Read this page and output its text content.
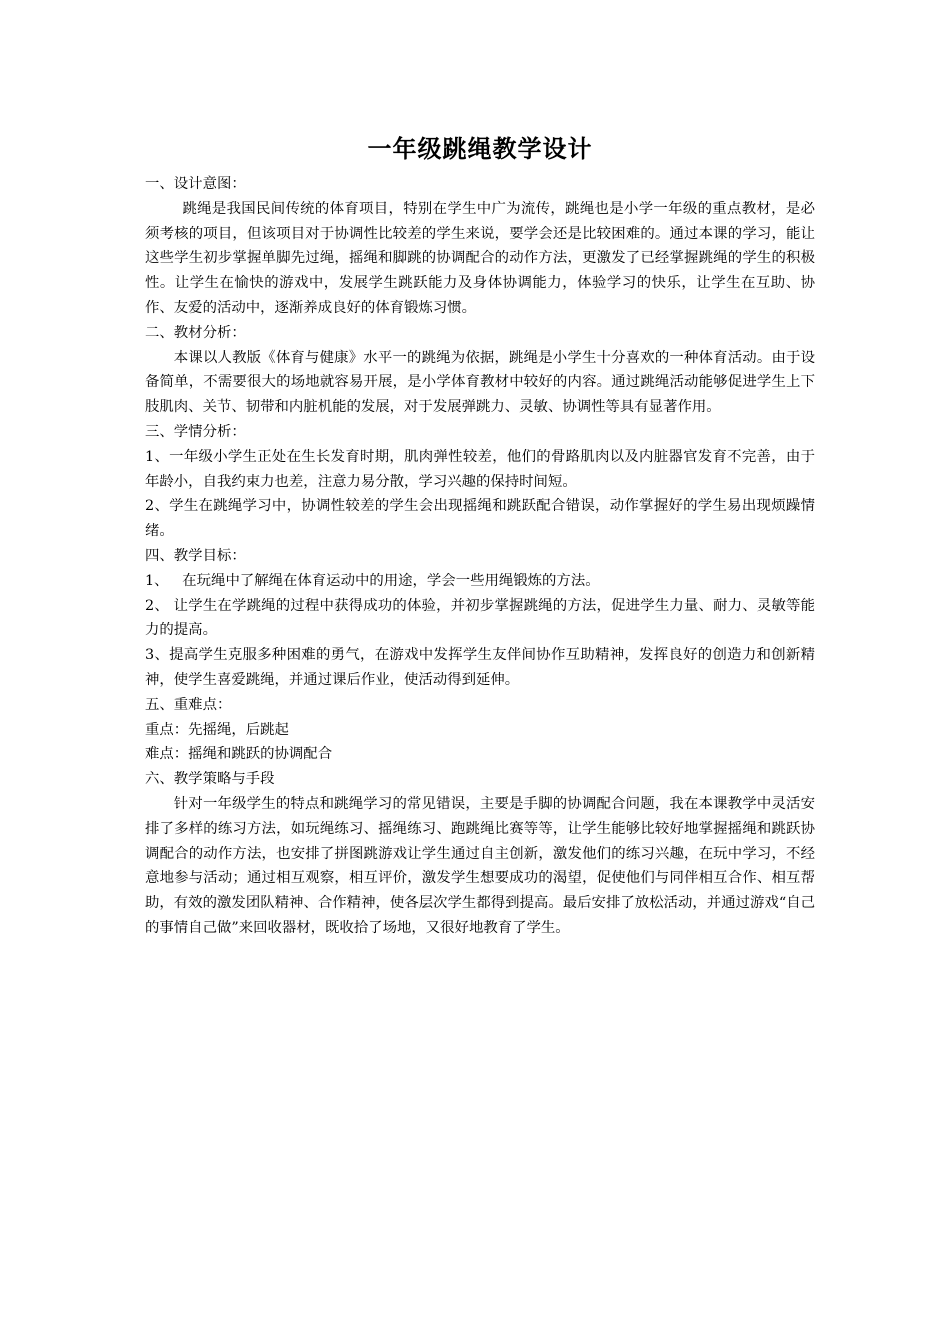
一年级跳绳教学设计

一、设计意图：

跳绳是我国民间传统的体育项目，特别在学生中广为流传，跳绳也是小学一年级的重点教材，是必须考核的项目，但该项目对于协调性比较差的学生来说，要学会还是比较困难的。通过本课的学习，能让这些学生初步掌握单脚先过绳，摇绳和脚跳的协调配合的动作方法，更激发了已经掌握跳绳的学生的积极性。让学生在愉快的游戏中，发展学生跳跃能力及身体协调能力，体验学习的快乐，让学生在互助、协作、友爱的活动中，逐渐养成良好的体育锻炼习惯。

二、教材分析：

本课以人教版《体育与健康》水平一的跳绳为依据，跳绳是小学生十分喜欢的一种体育活动。由于设备简单，不需要很大的场地就容易开展，是小学体育教材中较好的内容。通过跳绳活动能够促进学生上下肢肌肉、关节、韧带和内脏机能的发展，对于发展弹跳力、灵敏、协调性等具有显著作用。

三、学情分析：

1、一年级小学生正处在生长发育时期，肌肉弹性较差，他们的骨路肌肉以及内脏器官发育不完善，由于年龄小，自我约束力也差，注意力易分散，学习兴趣的保持时间短。

2、学生在跳绳学习中，协调性较差的学生会出现摇绳和跳跃配合错误，动作掌握好的学生易出现烦躁情绪。

四、教学目标：

1、   在玩绳中了解绳在体育运动中的用途，学会一些用绳锻炼的方法。

2、 让学生在学跳绳的过程中获得成功的体验，并初步掌握跳绳的方法，促进学生力量、耐力、灵敏等能力的提高。

3、提高学生克服多种困难的勇气，在游戏中发挥学生友伴间协作互助精神，发挥良好的创造力和创新精神，使学生喜爱跳绳，并通过课后作业，使活动得到延伸。

五、重难点：

重点：先摇绳，后跳起

难点：摇绳和跳跃的协调配合

六、教学策略与手段

针对一年级学生的特点和跳绳学习的常见错误，主要是手脚的协调配合问题，我在本课教学中灵活安排了多样的练习方法，如玩绳练习、摇绳练习、跑跳绳比赛等等，让学生能够比较好地掌握摇绳和跳跃协调配合的动作方法，也安排了拼图跳游戏让学生通过自主创新，激发他们的练习兴趣，在玩中学习，不经意地参与活动；通过相互观察，相互评价，激发学生想要成功的渴望，促使他们与同伴相互合作、相互帮助，有效的激发团队精神、合作精神，使各层次学生都得到提高。最后安排了放松活动，并通过游戏“自己的事情自己做”来回收器材，既收拾了场地，又很好地教育了学生。
